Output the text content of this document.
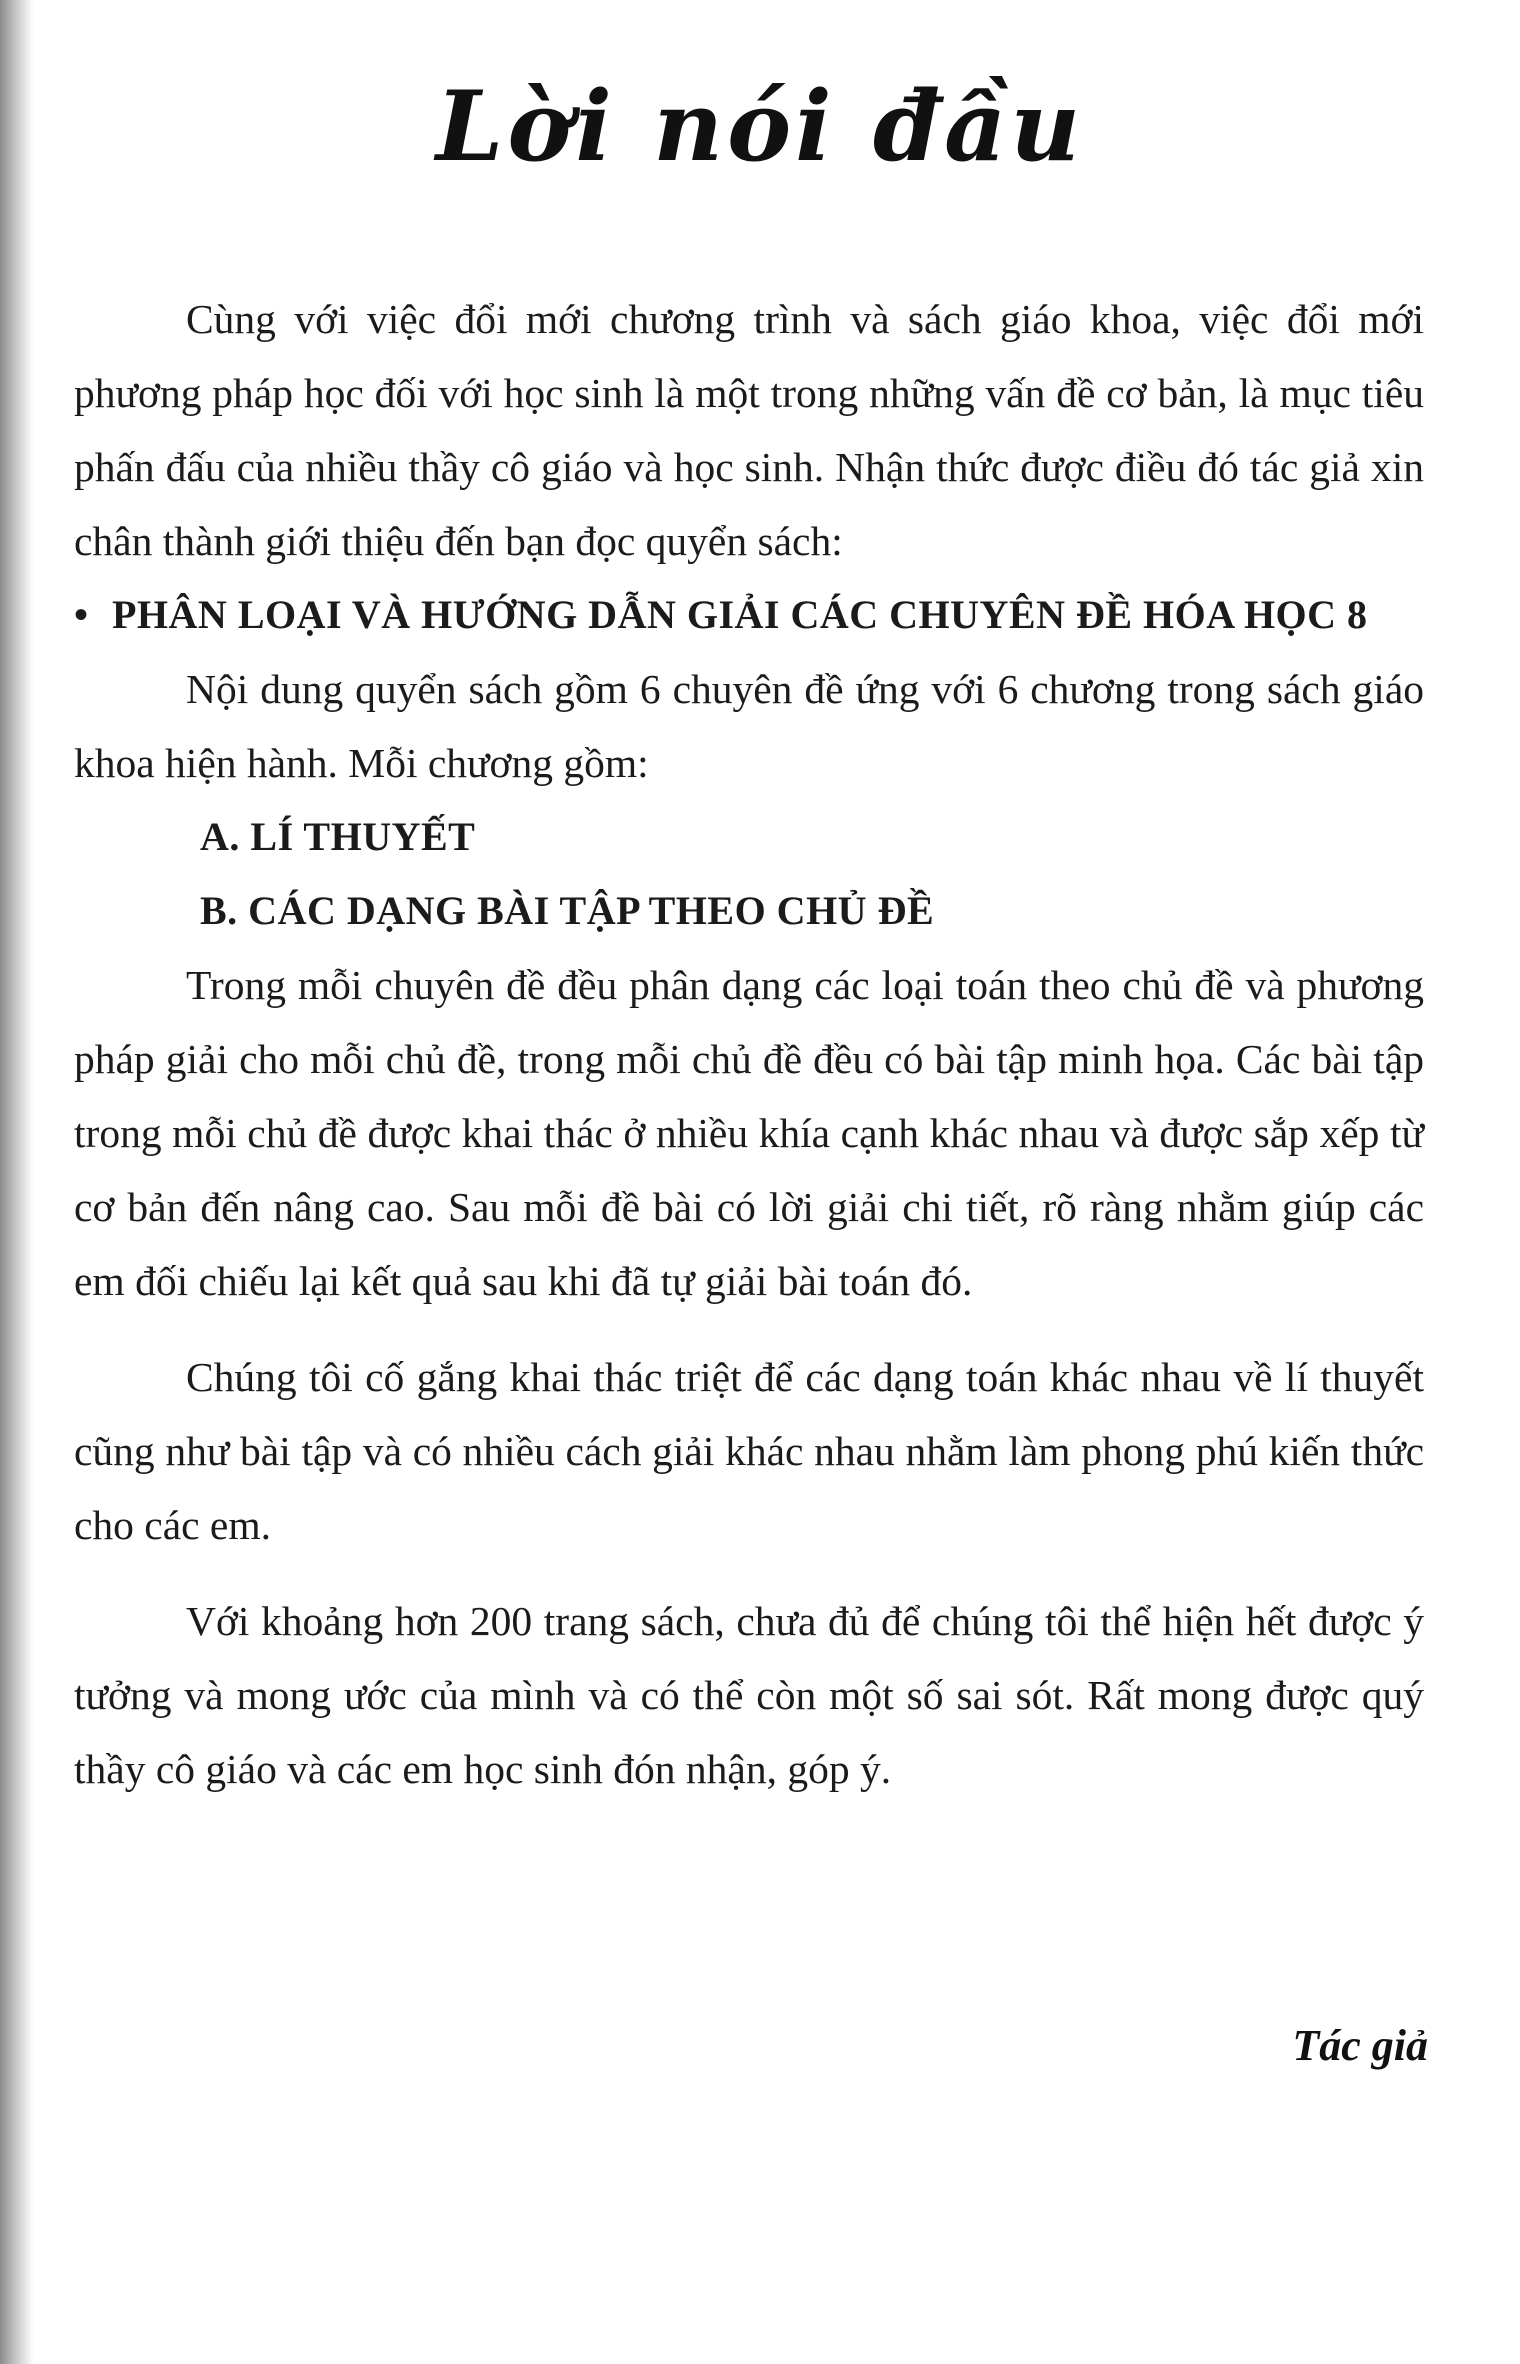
Lời nói đầu

Cùng với việc đổi mới chương trình và sách giáo khoa, việc đổi mới phương pháp học đối với học sinh là một trong những vấn đề cơ bản, là mục tiêu phấn đấu của nhiều thầy cô giáo và học sinh. Nhận thức được điều đó tác giả xin chân thành giới thiệu đến bạn đọc quyển sách:

• PHÂN LOẠI VÀ HƯỚNG DẪN GIẢI CÁC CHUYÊN ĐỀ HÓA HỌC 8

Nội dung quyển sách gồm 6 chuyên đề ứng với 6 chương trong sách giáo khoa hiện hành. Mỗi chương gồm:

A. LÍ THUYẾT

B. CÁC DẠNG BÀI TẬP THEO CHỦ ĐỀ

Trong mỗi chuyên đề đều phân dạng các loại toán theo chủ đề và phương pháp giải cho mỗi chủ đề, trong mỗi chủ đề đều có bài tập minh họa. Các bài tập trong mỗi chủ đề được khai thác ở nhiều khía cạnh khác nhau và được sắp xếp từ cơ bản đến nâng cao. Sau mỗi đề bài có lời giải chi tiết, rõ ràng nhằm giúp các em đối chiếu lại kết quả sau khi đã tự giải bài toán đó.

Chúng tôi cố gắng khai thác triệt để các dạng toán khác nhau về lí thuyết cũng như bài tập và có nhiều cách giải khác nhau nhằm làm phong phú kiến thức cho các em.

Với khoảng hơn 200 trang sách, chưa đủ để chúng tôi thể hiện hết được ý tưởng và mong ước của mình và có thể còn một số sai sót. Rất mong được quý thầy cô giáo và các em học sinh đón nhận, góp ý.

Tác giả
